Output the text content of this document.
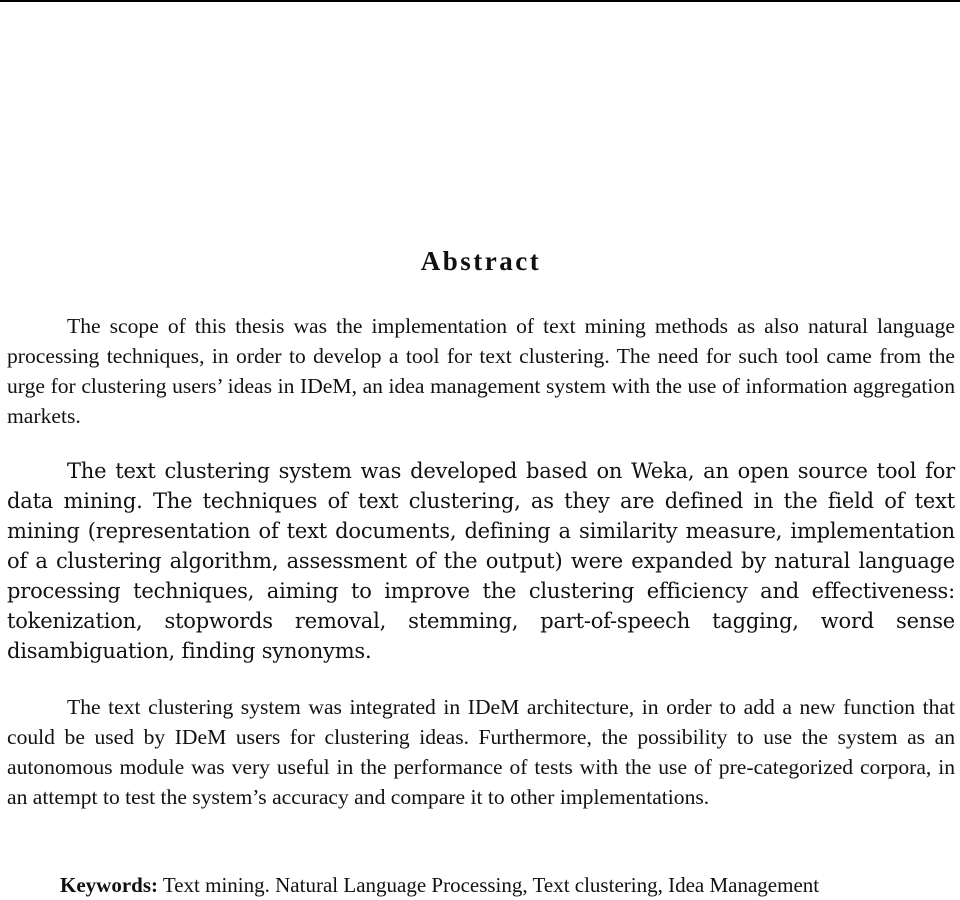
Abstract

The scope of this thesis was the implementation of text mining methods as also natural language processing techniques, in order to develop a tool for text clustering. The need for such tool came from the urge for clustering users’ ideas in IDeM, an idea management system with the use of information aggregation markets.

The text clustering system was developed based on Weka, an open source tool for data mining. The techniques of text clustering, as they are defined in the field of text mining (representation of text documents, defining a similarity measure, implementation of a clustering algorithm, assessment of the output) were expanded by natural language processing techniques, aiming to improve the clustering efficiency and effectiveness: tokenization, stopwords removal, stemming, part-of-speech tagging, word sense disambiguation, finding synonyms.

The text clustering system was integrated in IDeM architecture, in order to add a new function that could be used by IDeM users for clustering ideas. Furthermore, the possibility to use the system as an autonomous module was very useful in the performance of tests with the use of pre-categorized corpora, in an attempt to test the system’s accuracy and compare it to other implementations.

Keywords: Text mining. Natural Language Processing, Text clustering, Idea Management
